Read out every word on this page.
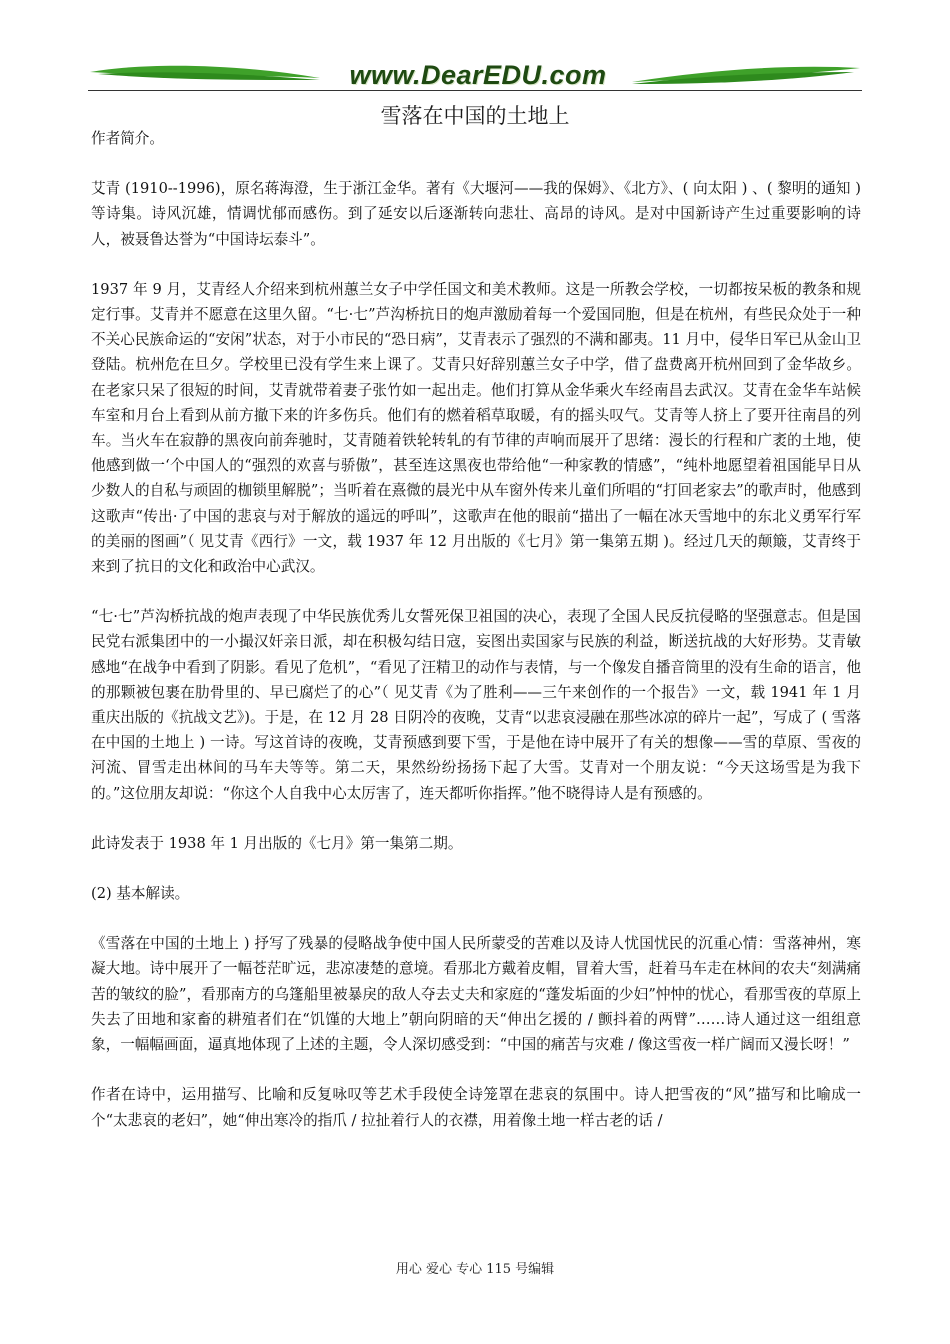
www.DearEDU.com
雪落在中国的土地上

作者简介。

艾青 (1910--1996)，原名蒋海澄，生于浙江金华。著有《大堰河——我的保姆》、《北方》、( 向太阳 ) 、( 黎明的通知 ) 等诗集。诗风沉雄，情调忧郁而感伤。到了延安以后逐渐转向悲壮、高昂的诗风。是对中国新诗产生过重要影响的诗人，被聂鲁达誉为“中国诗坛泰斗”。

1937 年 9 月，艾青经人介绍来到杭州蕙兰女子中学任国文和美术教师。这是一所教会学校，一切都按呆板的教条和规定行事。艾青并不愿意在这里久留。“七·七”芦沟桥抗日的炮声激励着每一个爱国同胞，但是在杭州，有些民众处于一种不关心民族命运的“安闲”状态，对于小市民的“恐日病”，艾青表示了强烈的不满和鄙夷。11 月中，侵华日军已从金山卫登陆。杭州危在旦夕。学校里已没有学生来上课了。艾青只好辞别蕙兰女子中学，借了盘费离开杭州回到了金华故乡。在老家只呆了很短的时间，艾青就带着妻子张竹如一起出走。他们打算从金华乘火车经南昌去武汉。艾青在金华车站候车室和月台上看到从前方撤下来的许多伤兵。他们有的燃着稻草取暖，有的摇头叹气。艾青等人挤上了要开往南昌的列车。当火车在寂静的黑夜向前奔驰时，艾青随着铁轮转轧的有节律的声响而展开了思绪：漫长的行程和广袤的土地，使他感到做一‘个中国人的“强烈的欢喜与骄傲”，甚至连这黑夜也带给他“一种家教的情感”，“纯朴地愿望着祖国能早日从少数人的自私与顽固的枷锁里解脱”；当听着在熹微的晨光中从车窗外传来儿童们所唱的“打回老家去”的歌声时，他感到这歌声“传出·了中国的悲哀与对于解放的遥远的呼叫”，这歌声在他的眼前“描出了一幅在冰天雪地中的东北义勇军行军的美丽的图画”（ 见艾青《西行》一文，载 1937 年 12 月出版的《七月》第一集第五期 )。经过几天的颠簸，艾青终于来到了抗日的文化和政治中心武汉。

“七·七”芦沟桥抗战的炮声表现了中华民族优秀儿女誓死保卫祖国的决心，表现了全国人民反抗侵略的坚强意志。但是国民党右派集团中的一小撮汉奸亲日派，却在积极勾结日寇，妄图出卖国家与民族的利益，断送抗战的大好形势。艾青敏感地“在战争中看到了阴影。看见了危机”，“看见了汪精卫的动作与表情，与一个像发自播音筒里的没有生命的语言，他的那颗被包裹在肋骨里的、早已腐烂了的心”（ 见艾青《为了胜利——三午来创作的一个报告》一文，载 1941 年 1 月重庆出版的《抗战文艺》)。于是，在 12 月 28 日阴冷的夜晚，艾青“以悲哀浸融在那些冰凉的碎片一起”，写成了 ( 雪落在中国的土地上 ) 一诗。写这首诗的夜晚，艾青预感到要下雪，于是他在诗中展开了有关的想像——雪的草原、雪夜的河流、冒雪走出林间的马车夫等等。第二天，果然纷纷扬扬下起了大雪。艾青对一个朋友说：“今天这场雪是为我下的。”这位朋友却说：“你这个人自我中心太厉害了，连天都听你指挥。”他不晓得诗人是有预感的。

此诗发表于 1938 年 1 月出版的《七月》第一集第二期。

(2) 基本解读。

《雪落在中国的土地上 ) 抒写了残暴的侵略战争使中国人民所蒙受的苦难以及诗人忧国忧民的沉重心情：雪落神州，寒凝大地。诗中展开了一幅苍茫旷远，悲凉凄楚的意境。看那北方戴着皮帽，冒着大雪，赶着马车走在林间的农夫“刻满痛苦的皱纹的脸”，看那南方的乌篷船里被暴戾的敌人夺去丈夫和家庭的“蓬发垢面的少妇”忡忡的忧心，看那雪夜的草原上失去了田地和家畜的耕殖者们在“饥馑的大地上”朝向阴暗的天“伸出乞援的 / 颤抖着的两臂”……诗人通过这一组组意象，一幅幅画面，逼真地体现了上述的主题，令人深切感受到：“中国的痛苦与灾难 / 像这雪夜一样广阔而又漫长呀！”

作者在诗中，运用描写、比喻和反复咏叹等艺术手段使全诗笼罩在悲哀的氛围中。诗人把雪夜的“风”描写和比喻成一个“太悲哀的老妇”，她“伸出寒冷的指爪 / 拉扯着行人的衣襟，用着像土地一样古老的话 /

用心 爱心 专心 115 号编辑
